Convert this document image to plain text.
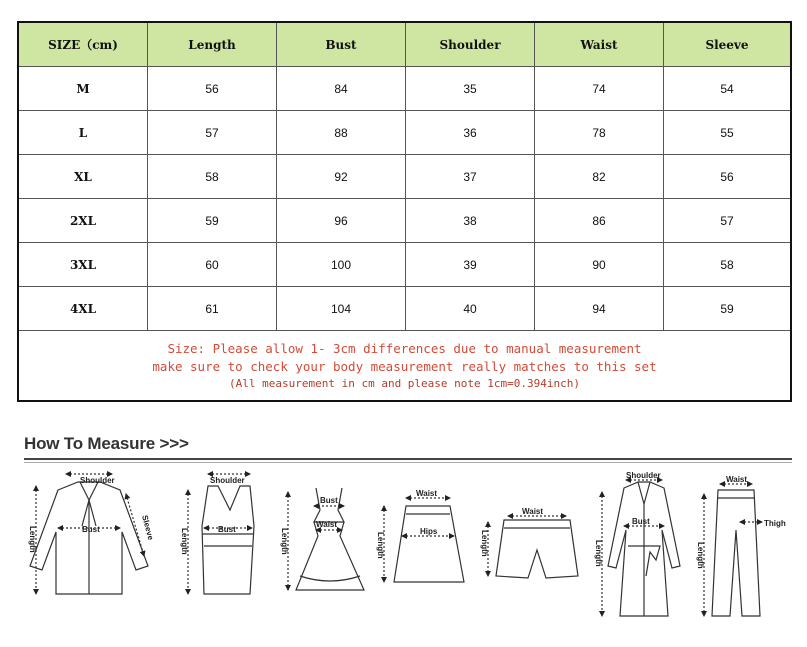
SIZE（cm)	Length	Bust	Shoulder	Waist	Sleeve
M	56	84	35	74	54
L	57	88	36	78	55
XL	58	92	37	82	56
2XL	59	96	38	86	57
3XL	60	100	39	90	58
4XL	61	104	40	94	59
Size: Please allow 1- 3cm differences due to manual measurement
make sure to check your body measurement really matches to this set
(All measurement in cm and please note 1cm=0.394inch)
How To Measure >>>
Shoulder
Bust
Length	Sleeve
Shoulder
Bust
Length
Bust
Waist
Length
Waist
Hips
Length
Waist
Length
Shoulder
Bust
Length
Waist
Thigh
Length
